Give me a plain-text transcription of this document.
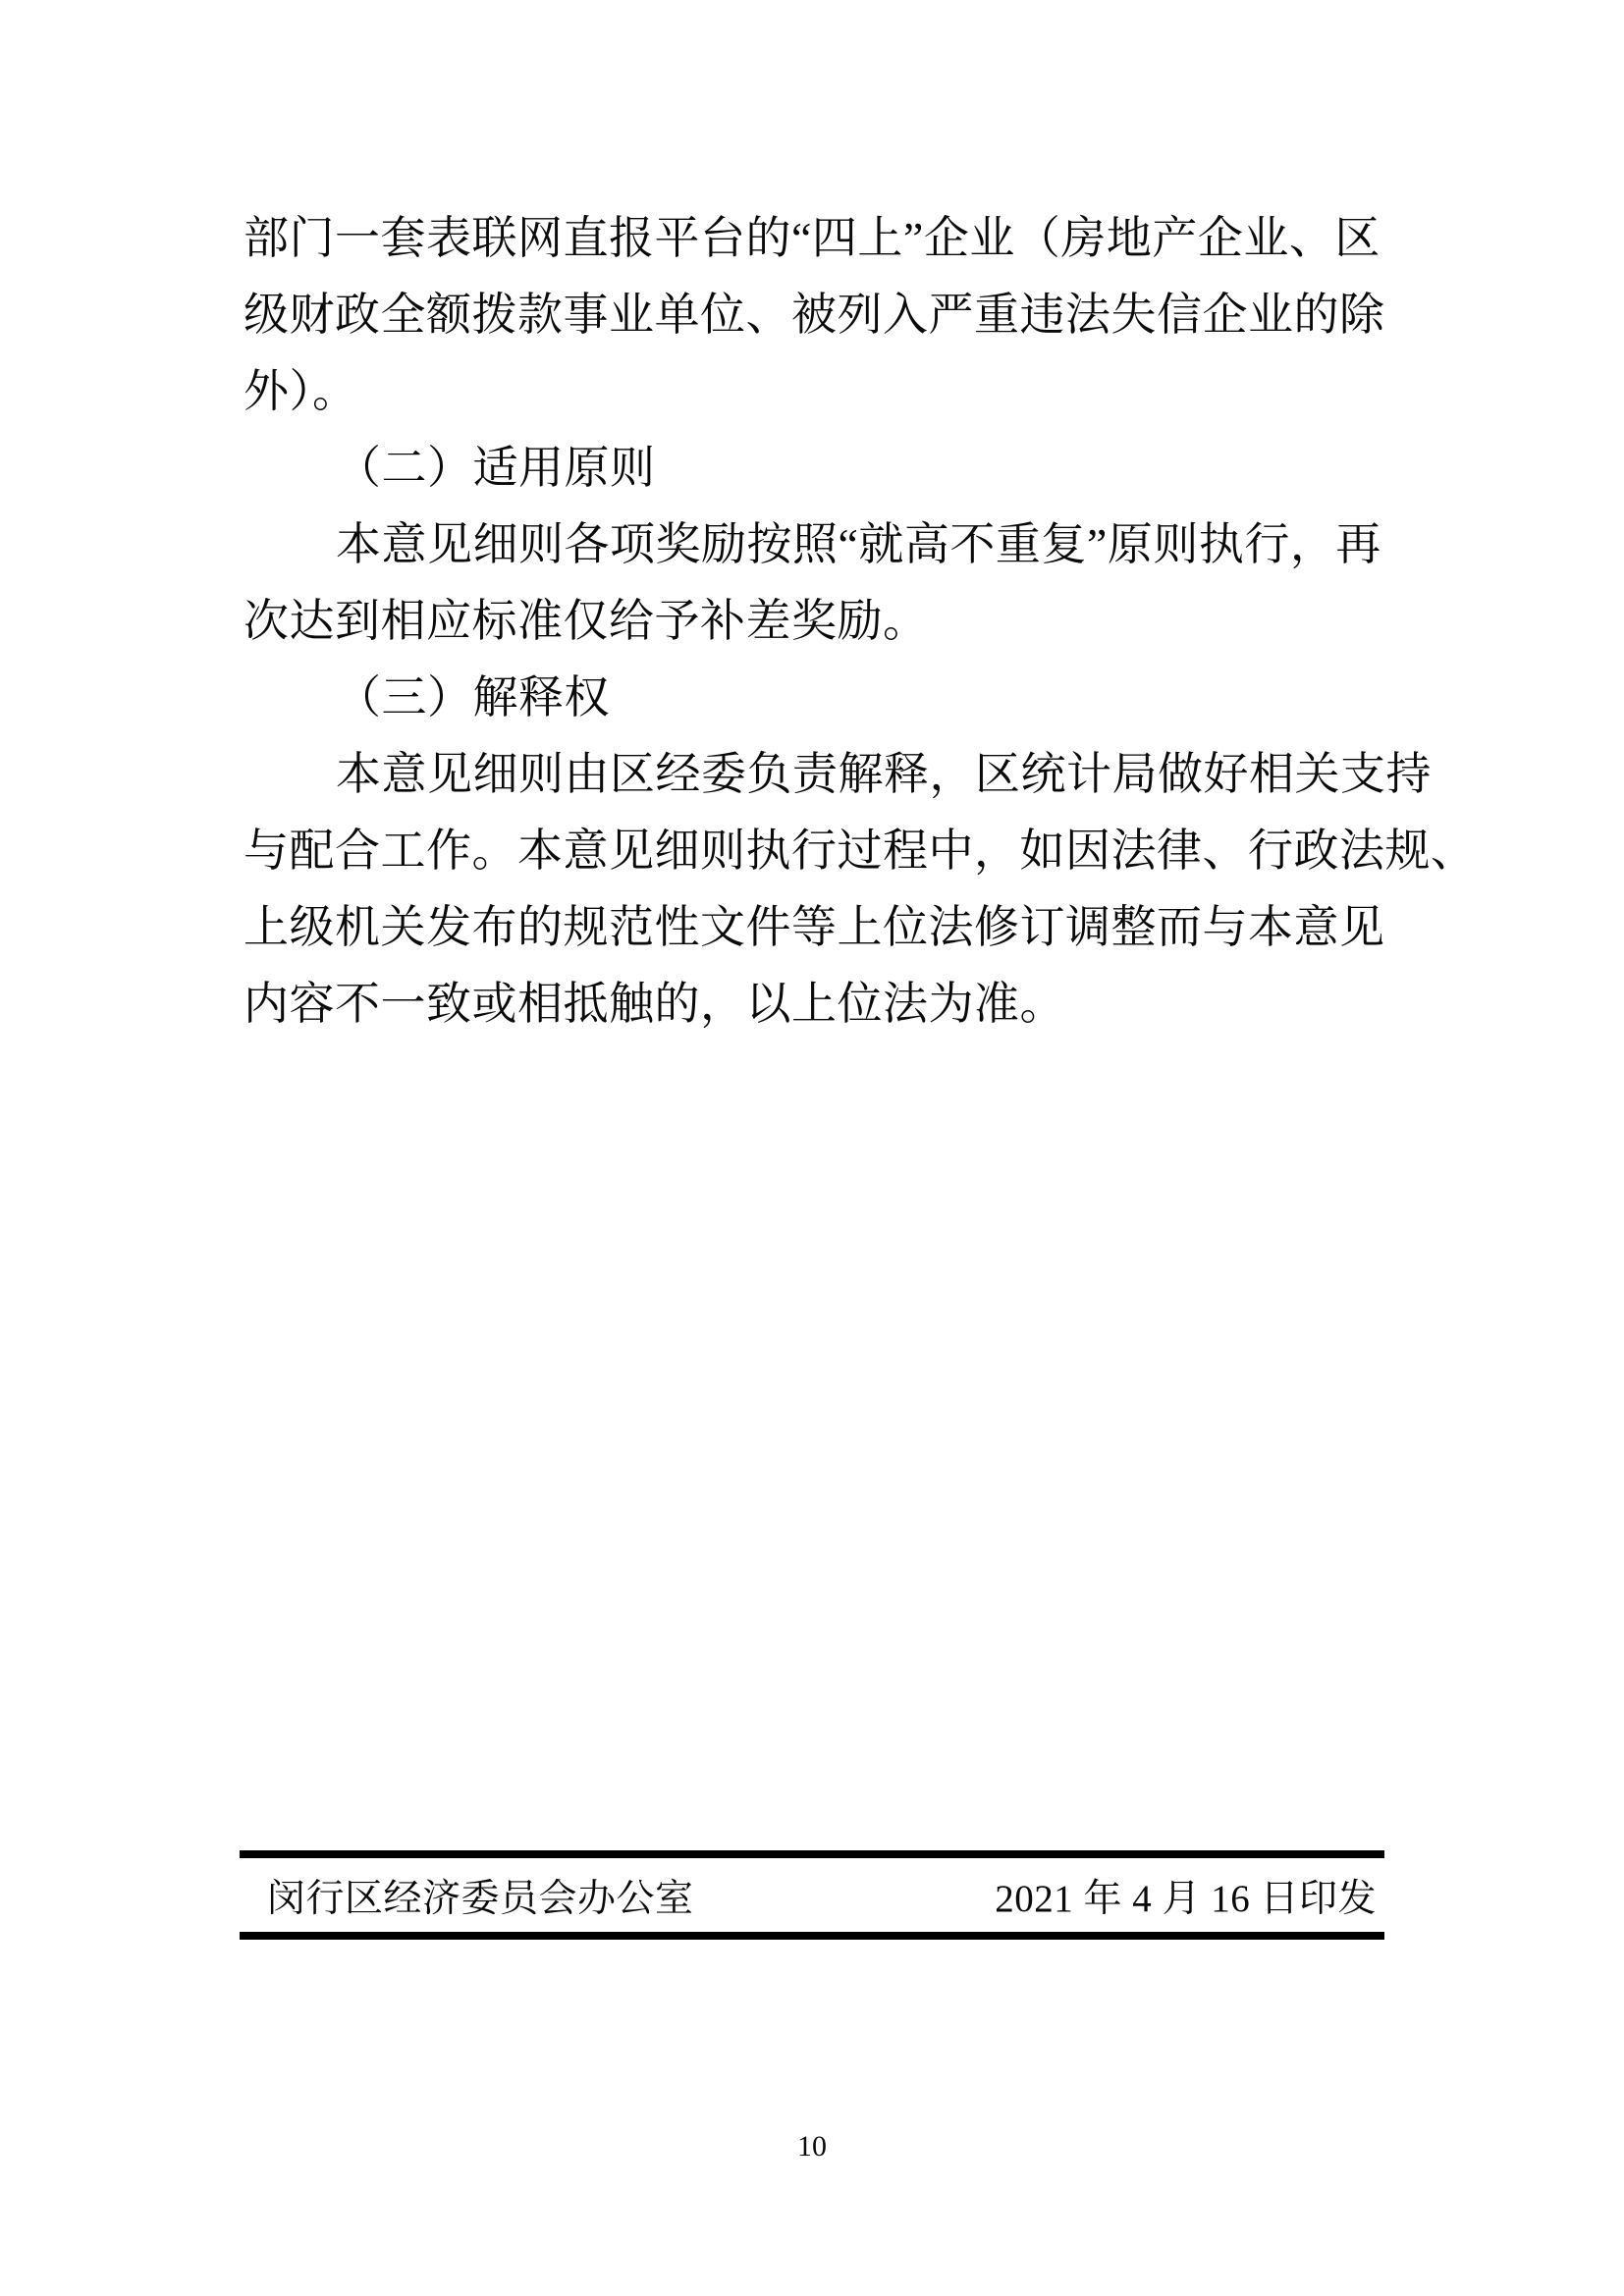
部门一套表联网直报平台的“四上”企业（房地产企业、区
级财政全额拨款事业单位、被列入严重违法失信企业的除
外）。
（二）适用原则
本意见细则各项奖励按照“就高不重复”原则执行，再
次达到相应标准仅给予补差奖励。
（三）解释权
本意见细则由区经委负责解释，区统计局做好相关支持
与配合工作。本意见细则执行过程中，如因法律、行政法规、
上级机关发布的规范性文件等上位法修订调整而与本意见
内容不一致或相抵触的，以上位法为准。
闵行区经济委员会办公室	2021 年 4 月 16 日印发
10
